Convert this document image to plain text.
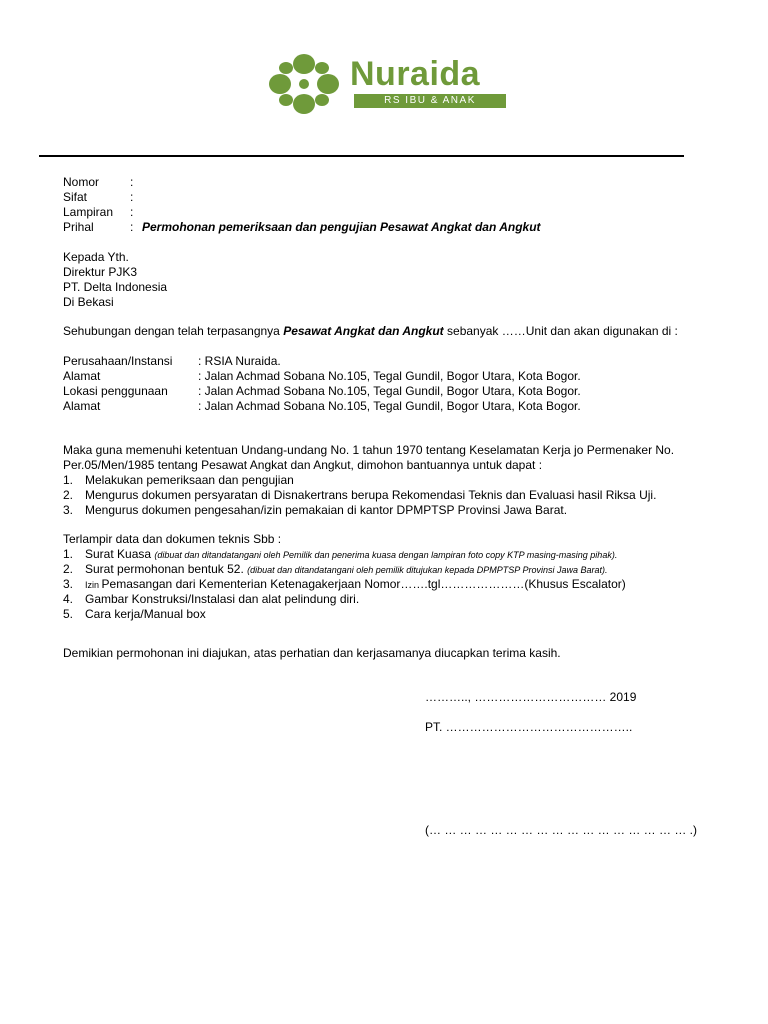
Nuraida
RS IBU & ANAK
Nomor	:
Sifat	:
Lampiran :
Prihal	: Permohonan pemeriksaan dan pengujian Pesawat Angkat dan Angkut
Kepada Yth.
Direktur PJK3
PT. Delta Indonesia
Di Bekasi
Sehubungan dengan telah terpasangnya Pesawat Angkat dan Angkut sebanyak ……Unit dan akan digunakan di :
Perusahaan/Instansi : RSIA Nuraida.
Alamat	: Jalan Achmad Sobana No.105, Tegal Gundil, Bogor Utara, Kota Bogor.
Lokasi penggunaan	: Jalan Achmad Sobana No.105, Tegal Gundil, Bogor Utara, Kota Bogor.
Alamat	: Jalan Achmad Sobana No.105, Tegal Gundil, Bogor Utara, Kota Bogor.
Maka guna memenuhi ketentuan Undang-undang No. 1 tahun 1970 tentang Keselamatan Kerja jo Permenaker No.
Per.05/Men/1985 tentang Pesawat Angkat dan Angkut, dimohon bantuannya untuk dapat :
1. Melakukan pemeriksaan dan pengujian
2. Mengurus dokumen persyaratan di Disnakertrans berupa Rekomendasi Teknis dan Evaluasi hasil Riksa Uji.
3. Mengurus dokumen pengesahan/izin pemakaian di kantor DPMPTSP Provinsi Jawa Barat.
Terlampir data dan dokumen teknis Sbb :
1. Surat Kuasa (dibuat dan ditandatangani oleh Pemilik dan penerima kuasa dengan lampiran foto copy KTP masing-masing pihak).
2. Surat permohonan bentuk 52. (dibuat dan ditandatangani oleh pemilik ditujukan kepada DPMPTSP Provinsi Jawa Barat).
3. Izin Pemasangan dari Kementerian Ketenagakerjaan Nomor…….tgl…………………(Khusus Escalator)
4. Gambar Konstruksi/Instalasi dan alat pelindung diri.
5. Cara kerja/Manual box
Demikian permohonan ini diajukan, atas perhatian dan kerjasamanya diucapkan terima kasih.
……….., …………………………… 2019
PT. ………………………………………..
(… … … … … … … … … … … … … … … … … .)
